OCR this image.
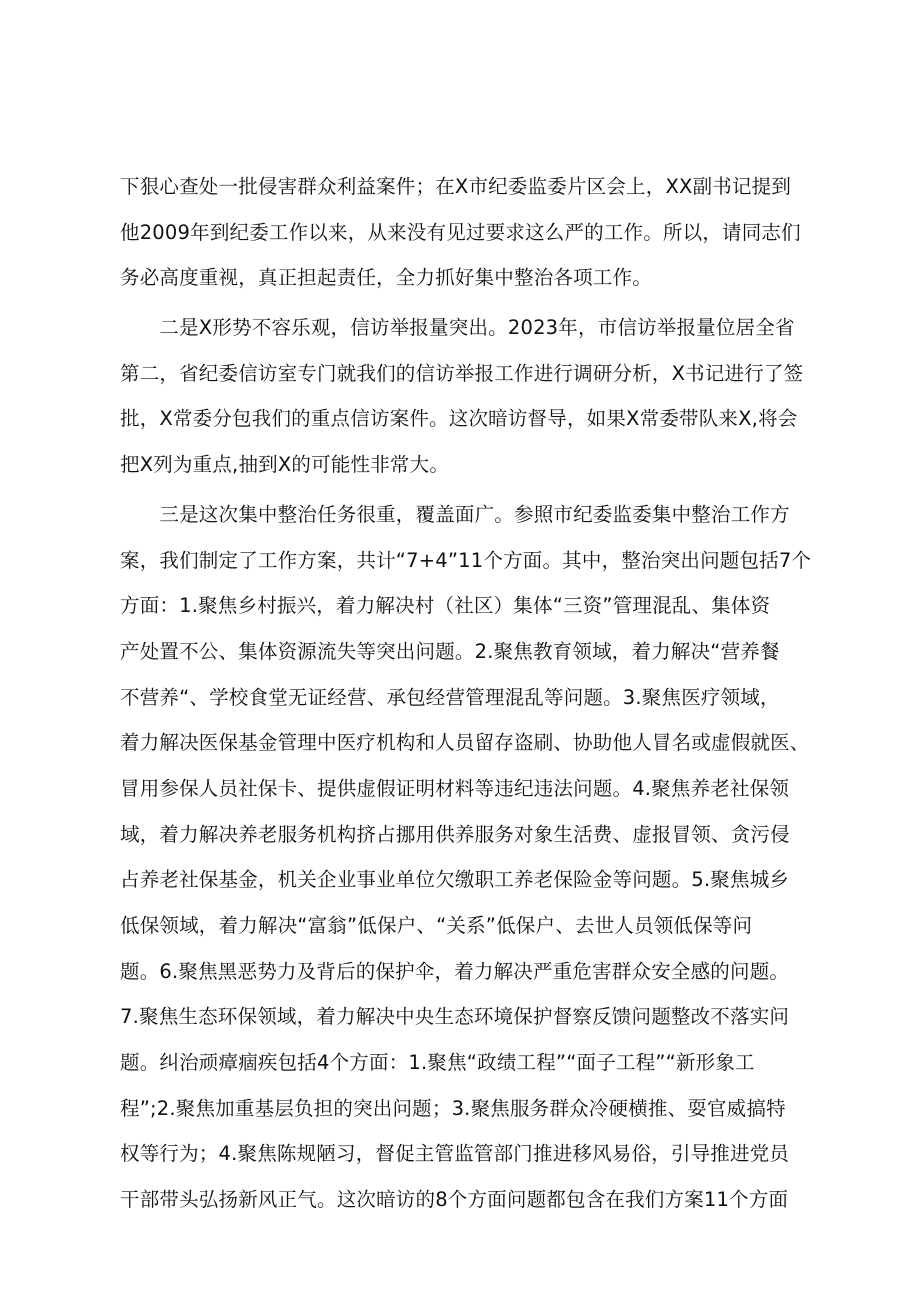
下狠心查处一批侵害群众利益案件；在X市纪委监委片区会上，XX副书记提到
他2009年到纪委工作以来，从来没有见过要求这么严的工作。所以，请同志们
务必高度重视，真正担起责任，全力抓好集中整治各项工作。
　　二是X形势不容乐观，信访举报量突出。2023年，市信访举报量位居全省
第二，省纪委信访室专门就我们的信访举报工作进行调研分析，X书记进行了签
批，X常委分包我们的重点信访案件。这次暗访督导，如果X常委带队来X,将会
把X列为重点,抽到X的可能性非常大。
　　三是这次集中整治任务很重，覆盖面广。参照市纪委监委集中整治工作方
案，我们制定了工作方案，共计“7+4”11个方面。其中，整治突出问题包括7个
方面：1.聚焦乡村振兴，着力解决村（社区）集体“三资”管理混乱、集体资
产处置不公、集体资源流失等突出问题。2.聚焦教育领域，着力解决“营养餐
不营养“、学校食堂无证经营、承包经营管理混乱等问题。3.聚焦医疗领域，
着力解决医保基金管理中医疗机构和人员留存盗刷、协助他人冒名或虚假就医、
冒用参保人员社保卡、提供虚假证明材料等违纪违法问题。4.聚焦养老社保领
域，着力解决养老服务机构挤占挪用供养服务对象生活费、虚报冒领、贪污侵
占养老社保基金，机关企业事业单位欠缴职工养老保险金等问题。5.聚焦城乡
低保领域，着力解决“富翁”低保户、“关系”低保户、去世人员领低保等问
题。6.聚焦黑恶势力及背后的保护伞，着力解决严重危害群众安全感的问题。
7.聚焦生态环保领域，着力解决中央生态环境保护督察反馈问题整改不落实问
题。纠治顽瘴痼疾包括4个方面：1.聚焦“政绩工程”“面子工程”“新形象工
程”;2.聚焦加重基层负担的突出问题；3.聚焦服务群众冷硬横推、耍官威搞特
权等行为；4.聚焦陈规陋习，督促主管监管部门推进移风易俗，引导推进党员
干部带头弘扬新风正气。这次暗访的8个方面问题都包含在我们方案11个方面
